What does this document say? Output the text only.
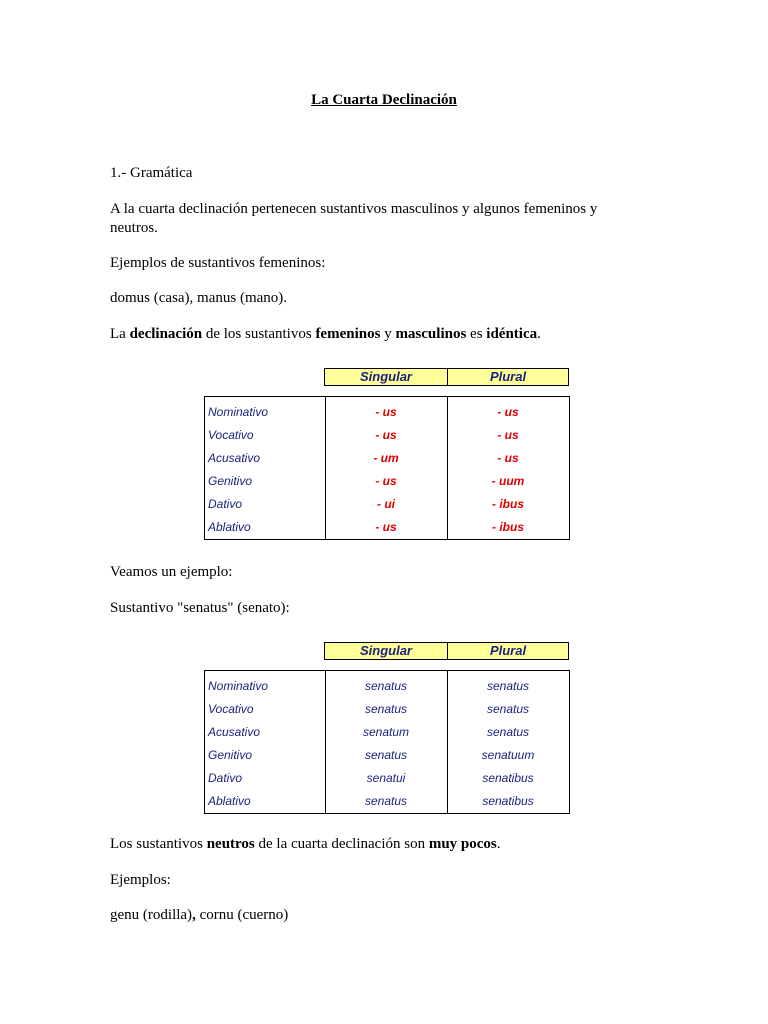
La Cuarta Declinación
1.- Gramática
A la cuarta declinación pertenecen sustantivos masculinos y algunos femeninos y
neutros.
Ejemplos de sustantivos femeninos:
domus (casa), manus (mano).
La declinación de los sustantivos femeninos y masculinos es idéntica.
Singular	Plural
Nominativo	- us	- us
Vocativo	- us	- us
Acusativo	- um	- us
Genitivo	- us	- uum
Dativo	- ui	- ibus
Ablativo	- us	- ibus
Veamos un ejemplo:
Sustantivo "senatus" (senato):
Singular	Plural
Nominativo	senatus	senatus
Vocativo	senatus	senatus
Acusativo	senatum	senatus
Genitivo	senatus	senatuum
Dativo	senatui	senatibus
Ablativo	senatus	senatibus
Los sustantivos neutros de la cuarta declinación son muy pocos.
Ejemplos:
genu (rodilla), cornu (cuerno)
